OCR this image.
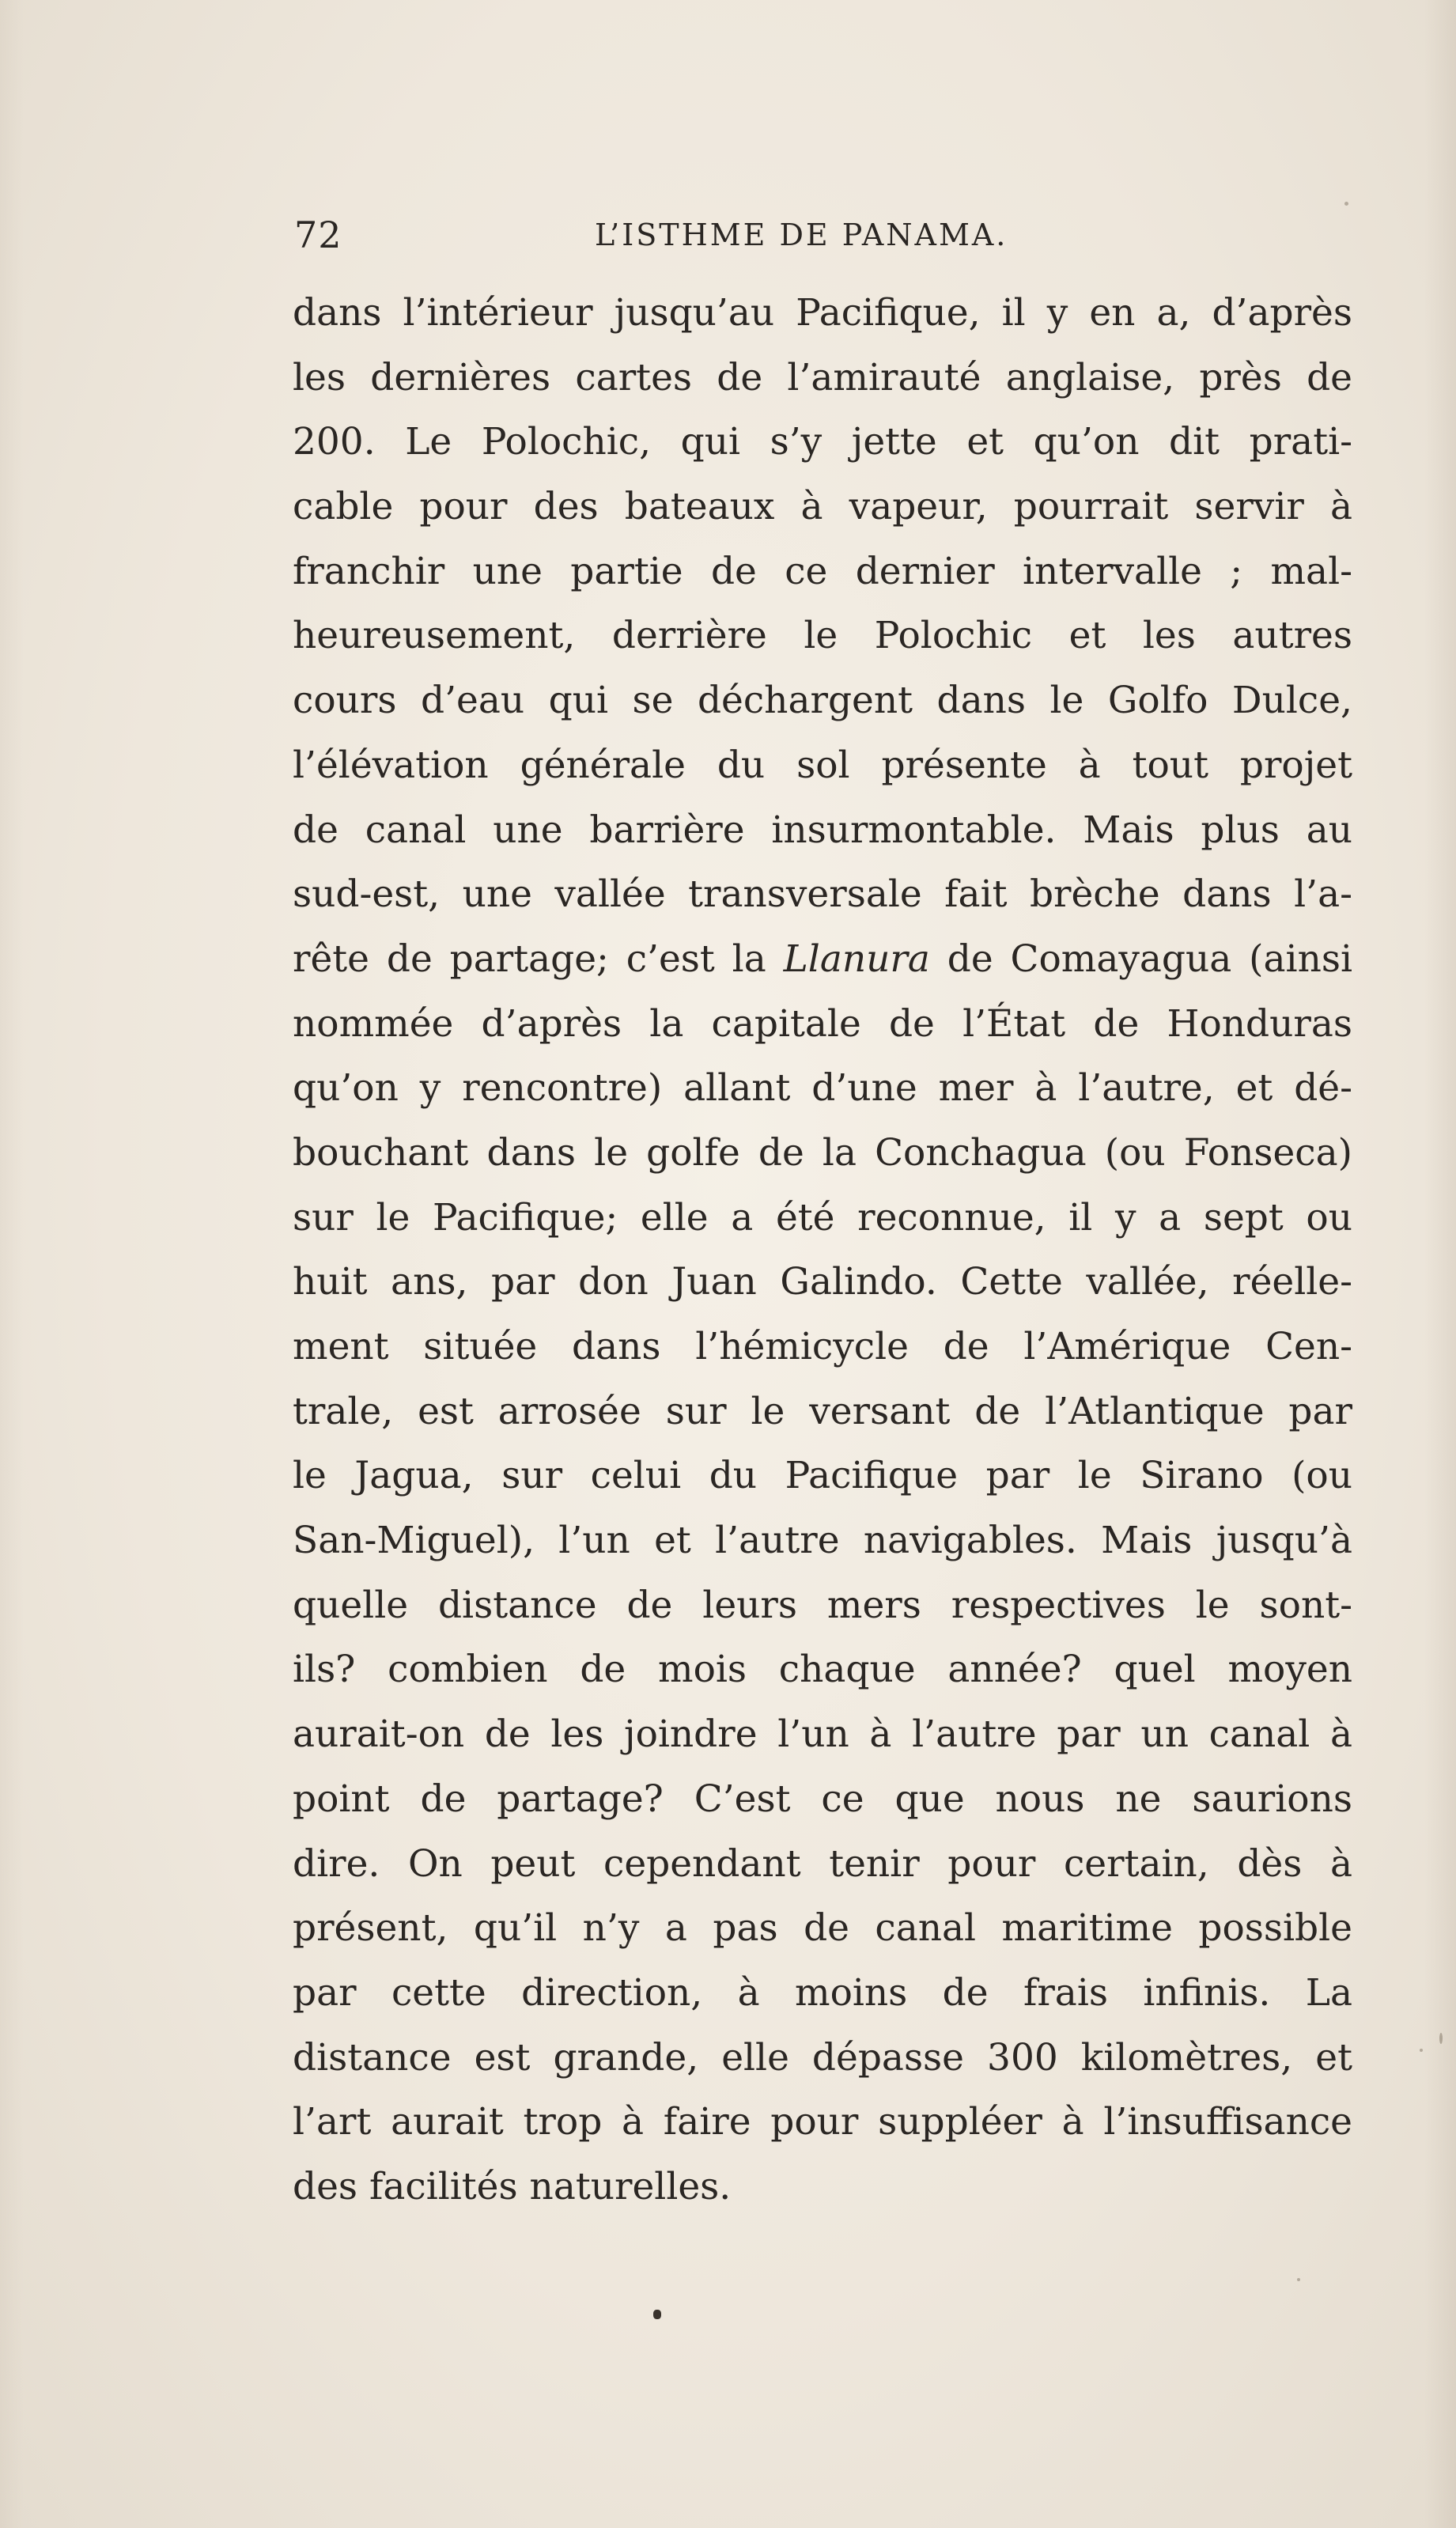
72	L’ISTHME DE PANAMA.
dans l’intérieur jusqu’au Pacifique, il y en a, d’après
les dernières cartes de l’amirauté anglaise, près de
200. Le Polochic, qui s’y jette et qu’on dit prati-
cable pour des bateaux à vapeur, pourrait servir à
franchir une partie de ce dernier intervalle ; mal-
heureusement, derrière le Polochic et les autres
cours d’eau qui se déchargent dans le Golfo Dulce,
l’élévation générale du sol présente à tout projet
de canal une barrière insurmontable. Mais plus au
sud-est, une vallée transversale fait brèche dans l’a-
rête de partage; c’est la Llanura de Comayagua (ainsi
nommée d’après la capitale de l’État de Honduras
qu’on y rencontre) allant d’une mer à l’autre, et dé-
bouchant dans le golfe de la Conchagua (ou Fonseca)
sur le Pacifique; elle a été reconnue, il y a sept ou
huit ans, par don Juan Galindo. Cette vallée, réelle-
ment située dans l’hémicycle de l’Amérique Cen-
trale, est arrosée sur le versant de l’Atlantique par
le Jagua, sur celui du Pacifique par le Sirano (ou
San-Miguel), l’un et l’autre navigables. Mais jusqu’à
quelle distance de leurs mers respectives le sont-
ils? combien de mois chaque année? quel moyen
aurait-on de les joindre l’un à l’autre par un canal à
point de partage? C’est ce que nous ne saurions
dire. On peut cependant tenir pour certain, dès à
présent, qu’il n’y a pas de canal maritime possible
par cette direction, à moins de frais infinis. La
distance est grande, elle dépasse 300 kilomètres, et
l’art aurait trop à faire pour suppléer à l’insuffisance
des facilités naturelles.
